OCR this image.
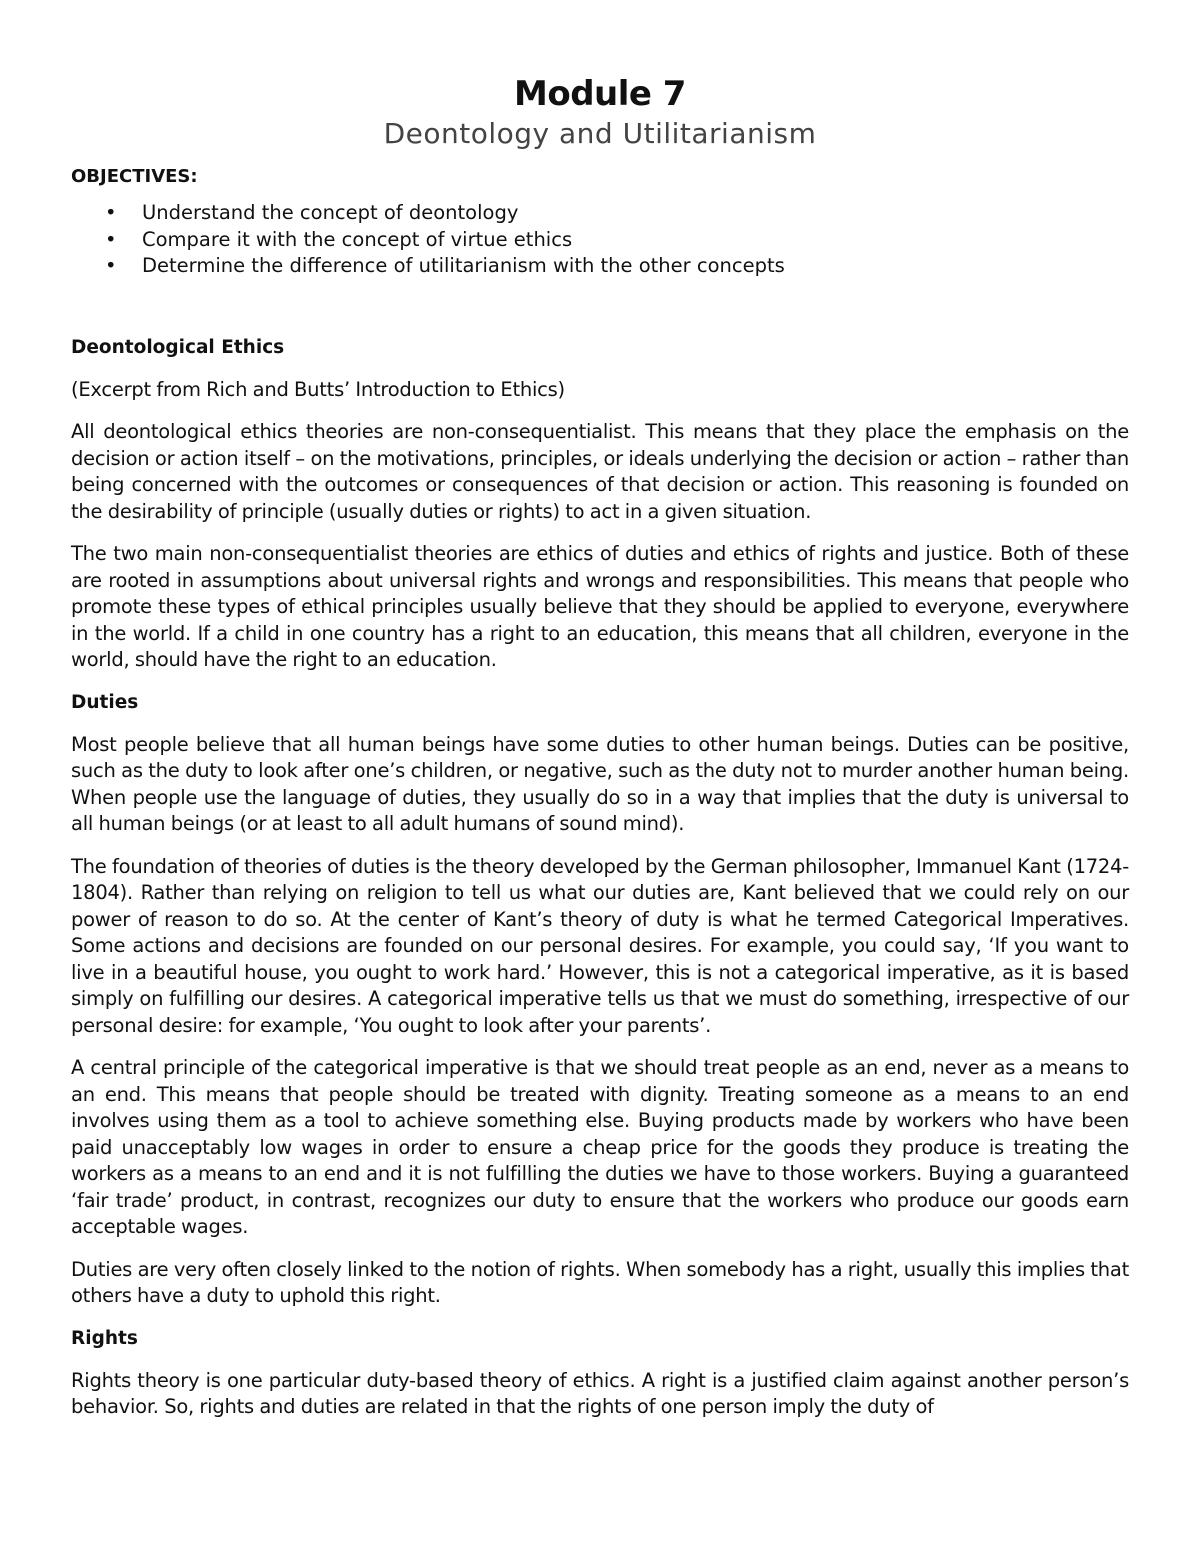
Module 7
Deontology and Utilitarianism
OBJECTIVES:
• Understand the concept of deontology
• Compare it with the concept of virtue ethics
• Determine the difference of utilitarianism with the other concepts
Deontological Ethics

(Excerpt from Rich and Butts’ Introduction to Ethics)

All deontological ethics theories are non-consequentialist. This means that they place the emphasis on the decision or action itself – on the motivations, principles, or ideals underlying the decision or action – rather than being concerned with the outcomes or consequences of that decision or action. This reasoning is founded on the desirability of principle (usually duties or rights) to act in a given situation.

The two main non-consequentialist theories are ethics of duties and ethics of rights and justice. Both of these are rooted in assumptions about universal rights and wrongs and responsibilities. This means that people who promote these types of ethical principles usually believe that they should be applied to everyone, everywhere in the world. If a child in one country has a right to an education, this means that all children, everyone in the world, should have the right to an education.

Duties

Most people believe that all human beings have some duties to other human beings. Duties can be positive, such as the duty to look after one’s children, or negative, such as the duty not to murder another human being. When people use the language of duties, they usually do so in a way that implies that the duty is universal to all human beings (or at least to all adult humans of sound mind).

The foundation of theories of duties is the theory developed by the German philosopher, Immanuel Kant (1724-1804). Rather than relying on religion to tell us what our duties are, Kant believed that we could rely on our power of reason to do so. At the center of Kant’s theory of duty is what he termed Categorical Imperatives. Some actions and decisions are founded on our personal desires. For example, you could say, ‘If you want to live in a beautiful house, you ought to work hard.’ However, this is not a categorical imperative, as it is based simply on fulfilling our desires. A categorical imperative tells us that we must do something, irrespective of our personal desire: for example, ‘You ought to look after your parents’.

A central principle of the categorical imperative is that we should treat people as an end, never as a means to an end. This means that people should be treated with dignity. Treating someone as a means to an end involves using them as a tool to achieve something else. Buying products made by workers who have been paid unacceptably low wages in order to ensure a cheap price for the goods they produce is treating the workers as a means to an end and it is not fulfilling the duties we have to those workers. Buying a guaranteed ‘fair trade’ product, in contrast, recognizes our duty to ensure that the workers who produce our goods earn acceptable wages.

Duties are very often closely linked to the notion of rights. When somebody has a right, usually this implies that others have a duty to uphold this right.

Rights

Rights theory is one particular duty-based theory of ethics. A right is a justified claim against another person’s behavior. So, rights and duties are related in that the rights of one person imply the duty of
